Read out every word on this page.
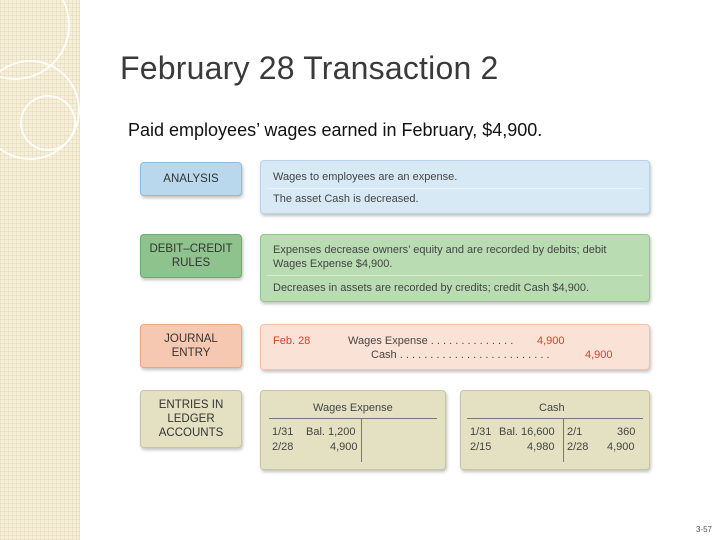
February 28 Transaction 2
Paid employees’ wages earned in February, $4,900.
ANALYSIS	Wages to employees are an expense.
The asset Cash is decreased.
DEBIT–CREDIT
RULES
Expenses decrease owners’ equity and are recorded by debits; debit
Wages Expense $4,900.
Decreases in assets are recorded by credits; credit Cash $4,900.
JOURNAL
ENTRY
Feb. 28	Wages Expense . . . . . . . . . . . . . . 4,900
Cash . . . . . . . . . . . . . . . . . . . . . . . . .	4,900
ENTRIES IN
LEDGER
ACCOUNTS
Wages Expense
1/31 Bal. 1,200
2/28	4,900
Cash
1/31 Bal. 16,600 2/1	360
2/15	4,980 2/28 4,900
3-57
